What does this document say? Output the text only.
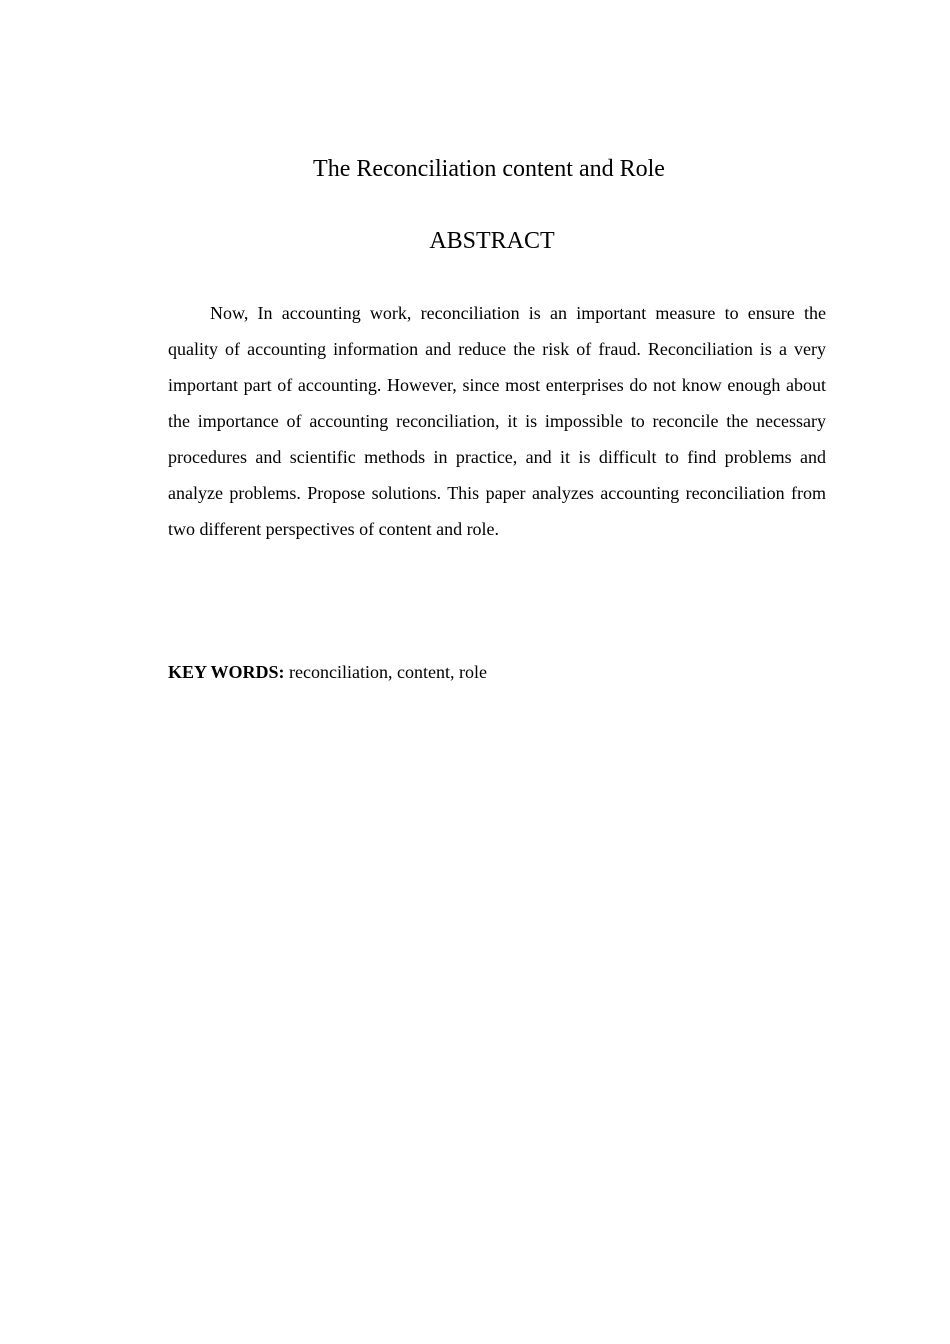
The Reconciliation content and Role
ABSTRACT

Now, In accounting work, reconciliation is an important measure to ensure the quality of accounting information and reduce the risk of fraud. Reconciliation is a very important part of accounting. However, since most enterprises do not know enough about the importance of accounting reconciliation, it is impossible to reconcile the necessary procedures and scientific methods in practice, and it is difficult to find problems and analyze problems. Propose solutions. This paper analyzes accounting reconciliation from two different perspectives of content and role.

KEY WORDS: reconciliation, content, role
